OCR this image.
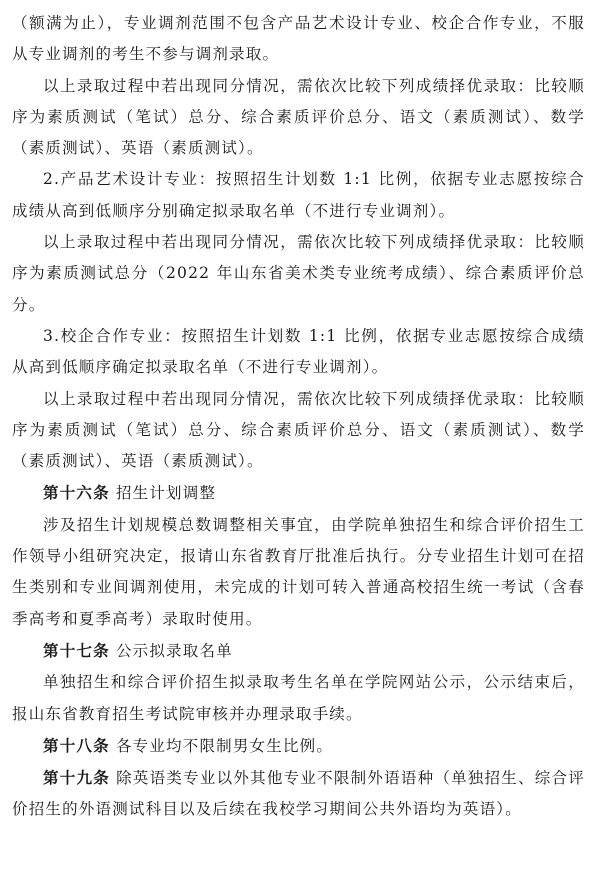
（额满为止），专业调剂范围不包含产品艺术设计专业、校企合作专业，不服从专业调剂的考生不参与调剂录取。

以上录取过程中若出现同分情况，需依次比较下列成绩择优录取：比较顺序为素质测试（笔试）总分、综合素质评价总分、语文（素质测试）、数学（素质测试）、英语（素质测试）。

2.产品艺术设计专业：按照招生计划数 1:1 比例，依据专业志愿按综合成绩从高到低顺序分别确定拟录取名单（不进行专业调剂）。

以上录取过程中若出现同分情况，需依次比较下列成绩择优录取：比较顺序为素质测试总分（2022 年山东省美术类专业统考成绩）、综合素质评价总分。

3.校企合作专业：按照招生计划数 1:1 比例，依据专业志愿按综合成绩从高到低顺序确定拟录取名单（不进行专业调剂）。

以上录取过程中若出现同分情况，需依次比较下列成绩择优录取：比较顺序为素质测试（笔试）总分、综合素质评价总分、语文（素质测试）、数学（素质测试）、英语（素质测试）。

第十六条 招生计划调整

涉及招生计划规模总数调整相关事宜，由学院单独招生和综合评价招生工作领导小组研究决定，报请山东省教育厅批准后执行。分专业招生计划可在招生类别和专业间调剂使用，未完成的计划可转入普通高校招生统一考试（含春季高考和夏季高考）录取时使用。

第十七条 公示拟录取名单

单独招生和综合评价招生拟录取考生名单在学院网站公示，公示结束后，报山东省教育招生考试院审核并办理录取手续。

第十八条 各专业均不限制男女生比例。

第十九条 除英语类专业以外其他专业不限制外语语种（单独招生、综合评价招生的外语测试科目以及后续在我校学习期间公共外语均为英语）。
